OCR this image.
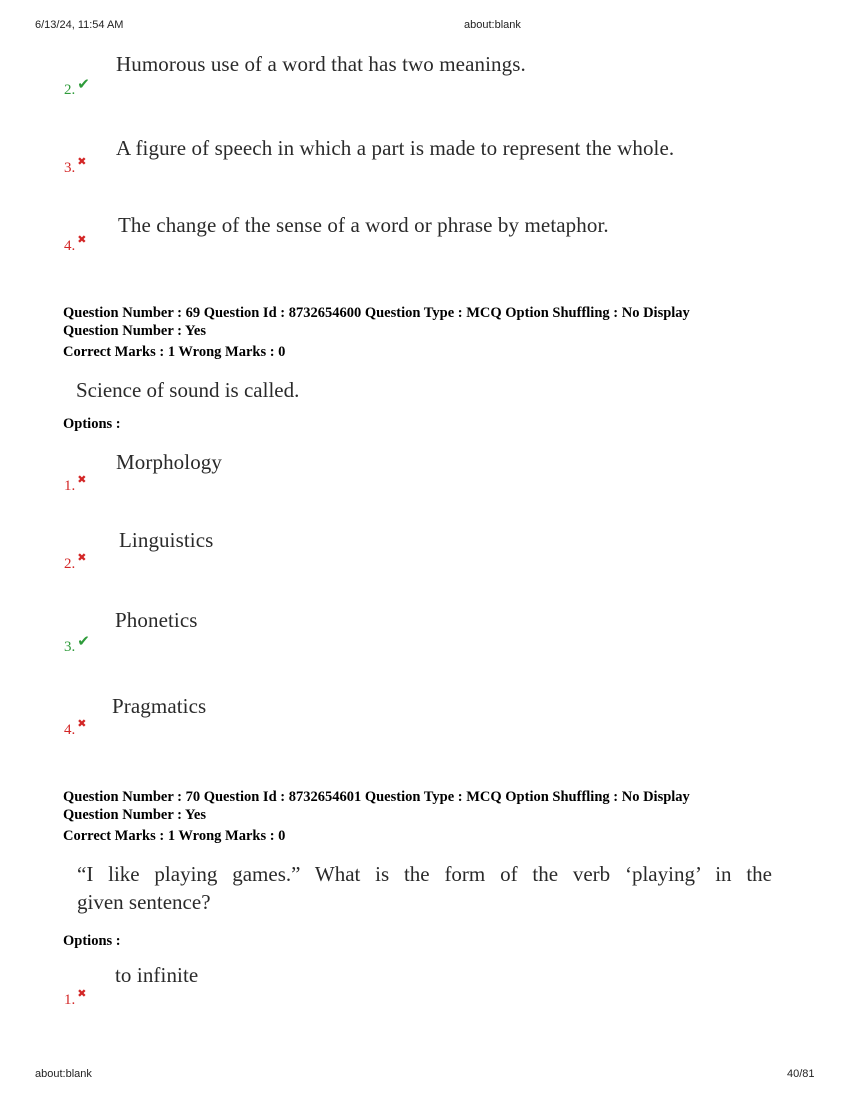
6/13/24, 11:54 AM	about:blank
Humorous use of a word that has two meanings.
2. ✔
A figure of speech in which a part is made to represent the whole.
3. ✖
The change of the sense of a word or phrase by metaphor.
4. ✖
Question Number : 69 Question Id : 8732654600 Question Type : MCQ Option Shuffling : No Display
Question Number : Yes
Correct Marks : 1 Wrong Marks : 0
Science of sound is called.
Options :
Morphology
1. ✖
Linguistics
2. ✖
Phonetics
3. ✔
Pragmatics
4. ✖
Question Number : 70 Question Id : 8732654601 Question Type : MCQ Option Shuffling : No Display
Question Number : Yes
Correct Marks : 1 Wrong Marks : 0
“I like playing games.” What is the form of the verb ‘playing’ in the
given sentence?
Options :
to infinite
1. ✖
about:blank	40/81
